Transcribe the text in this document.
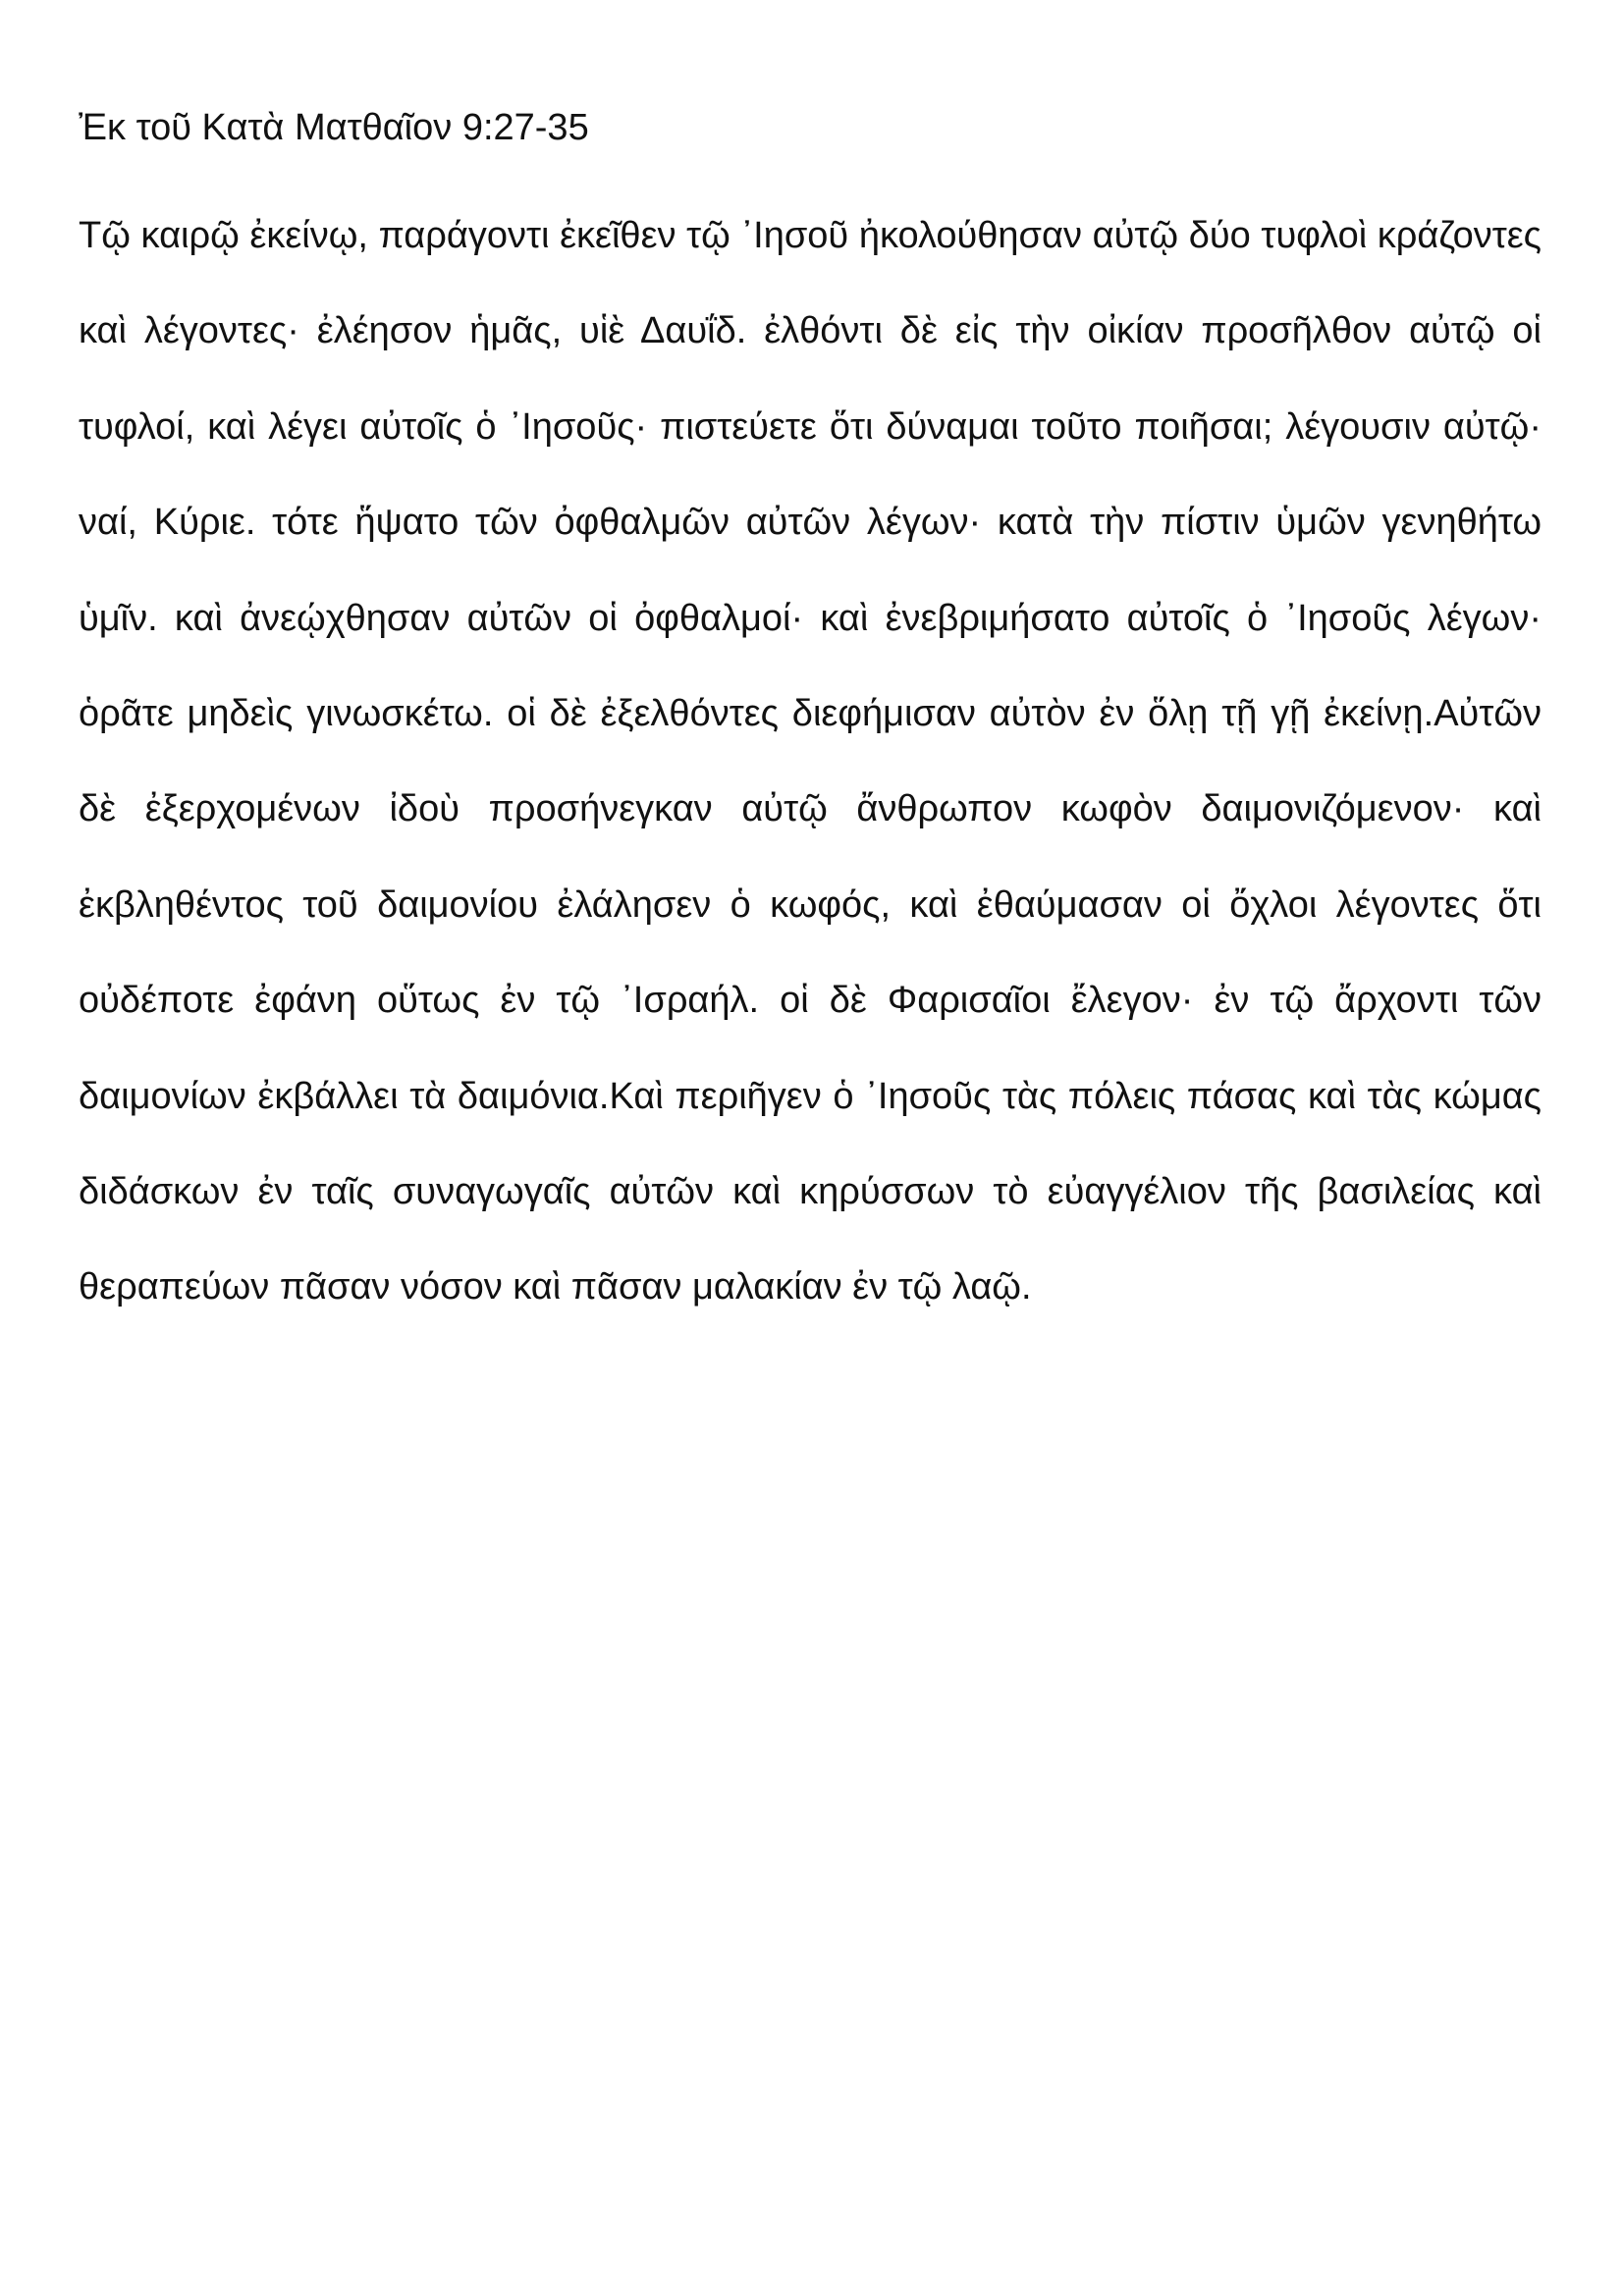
Ἐκ τοῦ Κατὰ Ματθαῖον 9:27-35

Τῷ καιρῷ ἐκείνῳ, παράγοντι ἐκεῖθεν τῷ ᾿Ιησοῦ ἠκολούθησαν αὐτῷ δύο τυφλοὶ κράζοντες καὶ λέγοντες· ἐλέησον ἡμᾶς, υἱὲ Δαυΐδ. ἐλθόντι δὲ εἰς τὴν οἰκίαν προσῆλθον αὐτῷ οἱ τυφλοί, καὶ λέγει αὐτοῖς ὁ ᾿Ιησοῦς· πιστεύετε ὅτι δύναμαι τοῦτο ποιῆσαι; λέγουσιν αὐτῷ· ναί, Κύριε. τότε ἥψατο τῶν ὀφθαλμῶν αὐτῶν λέγων· κατὰ τὴν πίστιν ὑμῶν γενηθήτω ὑμῖν. καὶ ἀνεῴχθησαν αὐτῶν οἱ ὀφθαλμοί· καὶ ἐνεβριμήσατο αὐτοῖς ὁ ᾿Ιησοῦς λέγων· ὁρᾶτε μηδεὶς γινωσκέτω. οἱ δὲ ἐξελθόντες διεφήμισαν αὐτὸν ἐν ὅλῃ τῇ γῇ ἐκείνῃ.Αὐτῶν δὲ ἐξερχομένων ἰδοὺ προσήνεγκαν αὐτῷ ἄνθρωπον κωφὸν δαιμονιζόμενον· καὶ ἐκβληθέντος τοῦ δαιμονίου ἐλάλησεν ὁ κωφός, καὶ ἐθαύμασαν οἱ ὄχλοι λέγοντες ὅτι οὐδέποτε ἐφάνη οὕτως ἐν τῷ ᾿Ισραήλ. οἱ δὲ Φαρισαῖοι ἔλεγον· ἐν τῷ ἄρχοντι τῶν δαιμονίων ἐκβάλλει τὰ δαιμόνια.Καὶ περιῆγεν ὁ ᾿Ιησοῦς τὰς πόλεις πάσας καὶ τὰς κώμας διδάσκων ἐν ταῖς συναγωγαῖς αὐτῶν καὶ κηρύσσων τὸ εὐαγγέλιον τῆς βασιλείας καὶ θεραπεύων πᾶσαν νόσον καὶ πᾶσαν μαλακίαν ἐν τῷ λαῷ.
